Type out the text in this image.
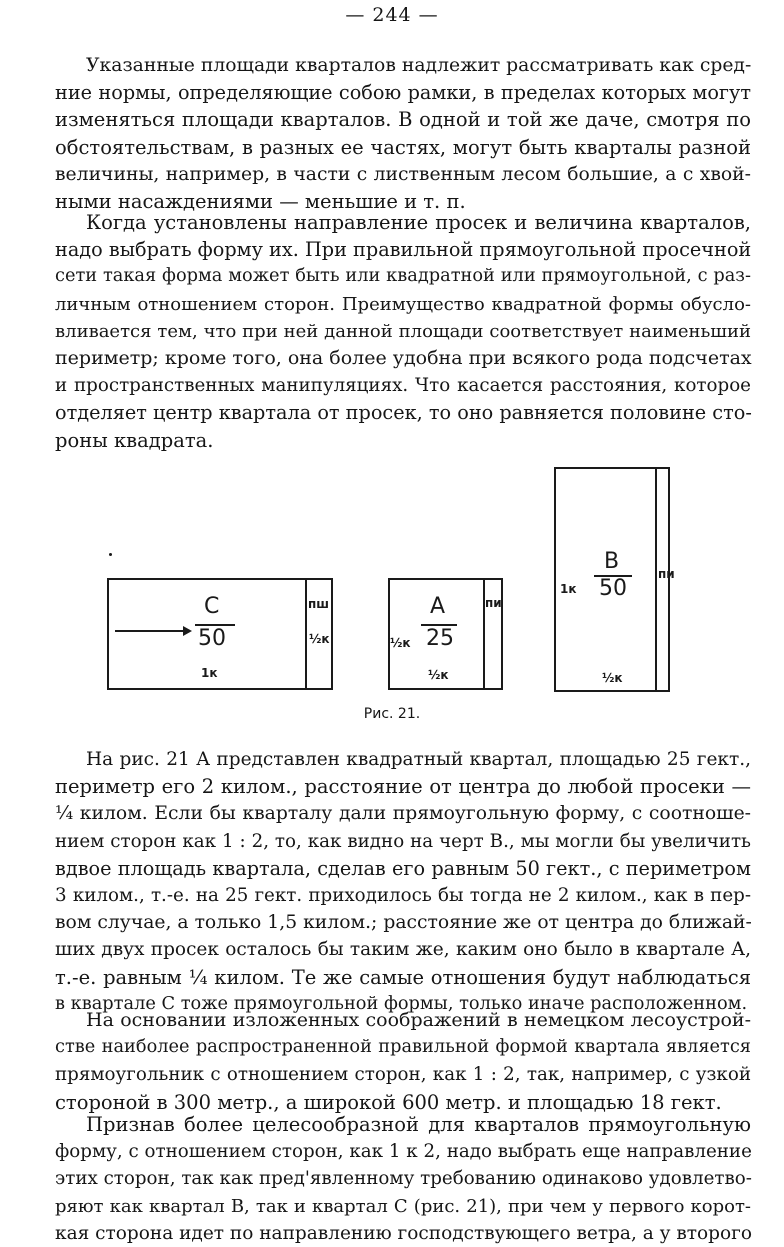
— 244 —
Указанные площади кварталов надлежит рассматривать как сред-
ние нормы, определяющие собою рамки, в пределах которых могут
изменяться площади кварталов. В одной и той же даче, смотря по
обстоятельствам, в разных ее частях, могут быть кварталы разной
величины, например, в части с лиственным лесом большие, а с хвой-
ными насаждениями — меньшие и т. п.
Когда установлены направление просек и величина кварталов,
надо выбрать форму их. При правильной прямоугольной просечной
сети такая форма может быть или квадратной или прямоугольной, с раз-
личным отношением сторон. Преимущество квадратной формы обусло-
вливается тем, что при ней данной площади соответствует наименьший
периметр; кроме того, она более удобна при всякого рода подсчетах
и пространственных манипуляциях. Что касается расстояния, которое
отделяет центр квартала от просек, то оно равняется половине сто-
роны квадрата.
C
50
1к
½к
пш	A
25
½к
½к
пи
B
50
1к
½к
пи
Рис. 21.
На рис. 21 А представлен квадратный квартал, площадью 25 гект.,
периметр его 2 килом., расстояние от центра до любой просеки —
¼ килом. Если бы кварталу дали прямоугольную форму, с соотноше-
нием сторон как 1 : 2, то, как видно на черт В., мы могли бы увеличить
вдвое площадь квартала, сделав его равным 50 гект., с периметром
3 килом., т.-е. на 25 гект. приходилось бы тогда не 2 килом., как в пер-
вом случае, а только 1,5 килом.; расстояние же от центра до ближай-
ших двух просек осталось бы таким же, каким оно было в квартале А,
т.-е. равным ¼ килом. Те же самые отношения будут наблюдаться
в квартале С тоже прямоугольной формы, только иначе расположенном.
На основании изложенных соображений в немецком лесоустрой-
стве наиболее распространенной правильной формой квартала является
прямоугольник с отношением сторон, как 1 : 2, так, например, с узкой
стороной в 300 метр., а широкой 600 метр. и площадью 18 гект.
Признав более целесообразной для кварталов прямоугольную
форму, с отношением сторон, как 1 к 2, надо выбрать еще направление
этих сторон, так как пред'явленному требованию одинаково удовлетво-
ряют как квартал В, так и квартал С (рис. 21), при чем у первого корот-
кая сторона идет по направлению господствующего ветра, а у второго
